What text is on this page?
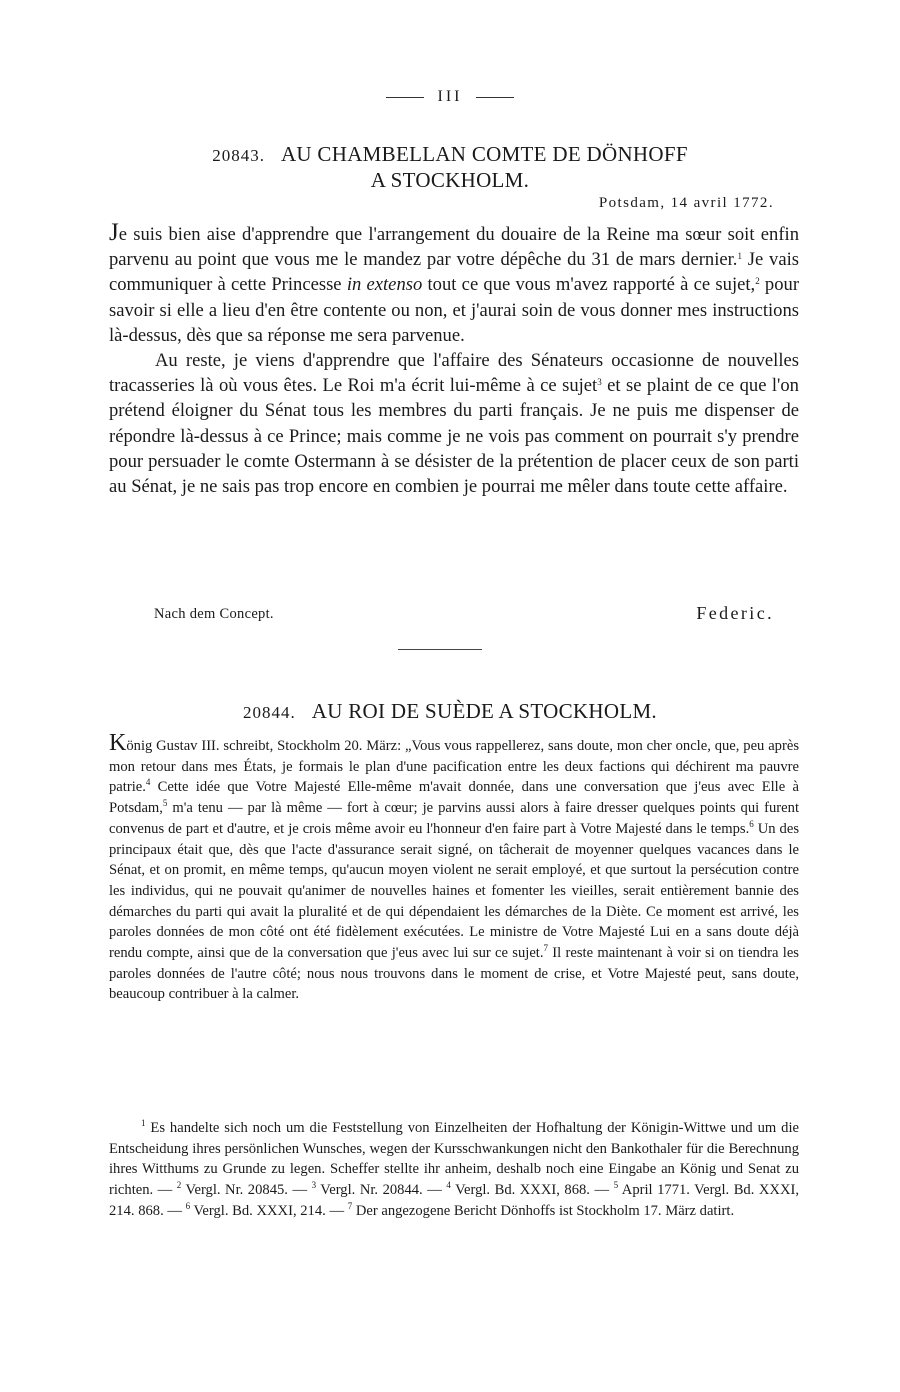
III
20843. AU CHAMBELLAN COMTE DE DÖNHOFF
A STOCKHOLM.
Potsdam, 14 avril 1772.

Je suis bien aise d'apprendre que l'arrangement du douaire de la Reine ma sœur soit enfin parvenu au point que vous me le mandez par votre dépêche du 31 de mars dernier.$^1$ Je vais communiquer à cette Princesse in extenso tout ce que vous m'avez rapporté à ce sujet,$^2$ pour savoir si elle a lieu d'en être contente ou non, et j'aurai soin de vous donner mes instructions là-dessus, dès que sa réponse me sera parvenue.

Au reste, je viens d'apprendre que l'affaire des Sénateurs occasionne de nouvelles tracasseries là où vous êtes. Le Roi m'a écrit lui-même à ce sujet$^3$ et se plaint de ce que l'on prétend éloigner du Sénat tous les membres du parti français. Je ne puis me dispenser de répondre là-dessus à ce Prince; mais comme je ne vois pas comment on pourrait s'y prendre pour persuader le comte Ostermann à se désister de la prétention de placer ceux de son parti au Sénat, je ne sais pas trop encore en combien je pourrai me mêler dans toute cette affaire.

Nach dem Concept.	Federic.
20844. AU ROI DE SUÈDE A STOCKHOLM.

König Gustav III. schreibt, Stockholm 20. März: „Vous vous rappellerez, sans doute, mon cher oncle, que, peu après mon retour dans mes États, je formais le plan d'une pacification entre les deux factions qui déchirent ma pauvre patrie.$^4$ Cette idée que Votre Majesté Elle-même m'avait donnée, dans une conversation que j'eus avec Elle à Potsdam,$^5$ m'a tenu — par là même — fort à cœur; je parvins aussi alors à faire dresser quelques points qui furent convenus de part et d'autre, et je crois même avoir eu l'honneur d'en faire part à Votre Majesté dans le temps.$^6$ Un des principaux était que, dès que l'acte d'assurance serait signé, on tâcherait de moyenner quelques vacances dans le Sénat, et on promit, en même temps, qu'aucun moyen violent ne serait employé, et que surtout la persécution contre les individus, qui ne pouvait qu'animer de nouvelles haines et fomenter les vieilles, serait entièrement bannie des démarches du parti qui avait la pluralité et de qui dépendaient les démarches de la Diète. Ce moment est arrivé, les paroles données de mon côté ont été fidèlement exécutées. Le ministre de Votre Majesté Lui en a sans doute déjà rendu compte, ainsi que de la conversation que j'eus avec lui sur ce sujet.$^7$ Il reste maintenant à voir si on tiendra les paroles données de l'autre côté; nous nous trouvons dans le moment de crise, et Votre Majesté peut, sans doute, beaucoup contribuer à la calmer.

$^1$ Es handelte sich noch um die Feststellung von Einzelheiten der Hofhaltung der Königin-Wittwe und um die Entscheidung ihres persönlichen Wunsches, wegen der Kursschwankungen nicht den Bankothaler für die Berechnung ihres Witthums zu Grunde zu legen. Scheffer stellte ihr anheim, deshalb noch eine Eingabe an König und Senat zu richten. — $^2$ Vergl. Nr. 20845. — $^3$ Vergl. Nr. 20844. — $^4$ Vergl. Bd. XXXI, 868. — $^5$ April 1771. Vergl. Bd. XXXI, 214. 868. — $^6$ Vergl. Bd. XXXI, 214. — $^7$ Der angezogene Bericht Dönhoffs ist Stockholm 17. März datirt.
